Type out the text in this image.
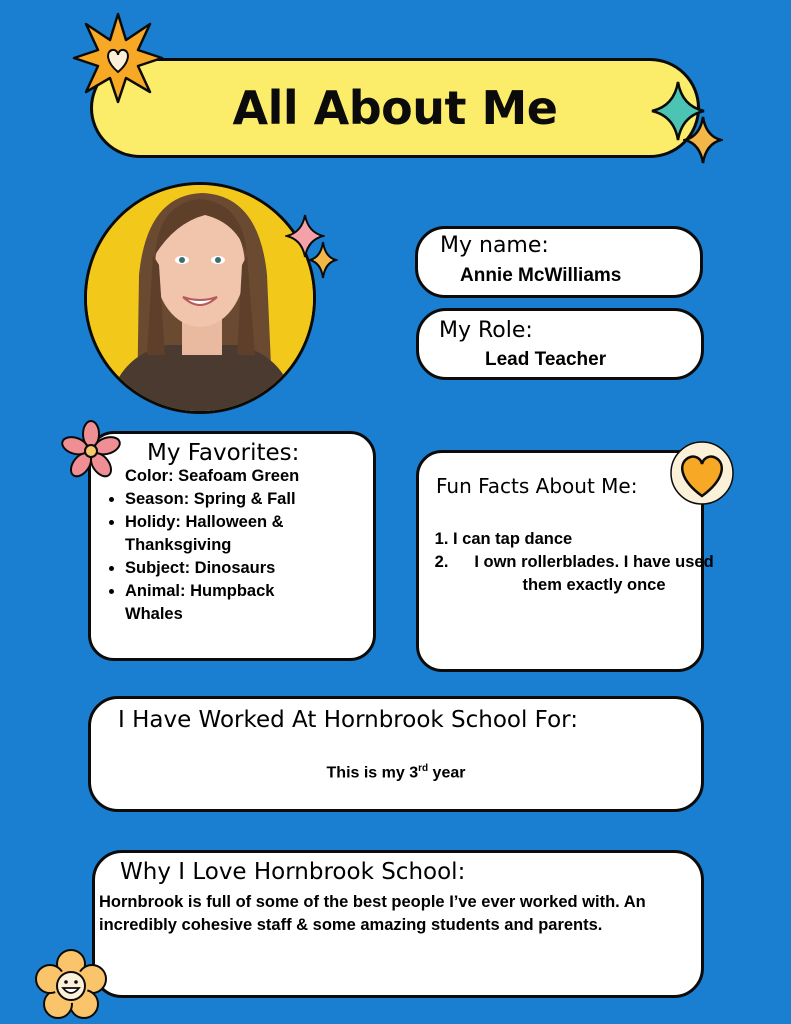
All About Me
My name:
Annie McWilliams
My Role:
Lead Teacher
My Favorites:
Color: Seafoam Green
• Season: Spring & Fall
• Holidy: Halloween & Thanksgiving
• Subject: Dinosaurs
• Animal: Humpback Whales
Fun Facts About Me:
1. I can tap dance
2. I own rollerblades. I have used them exactly once
I Have Worked At Hornbrook School For:
This is my 3rd year
Why I Love Hornbrook School:
Hornbrook is full of some of the best people I’ve ever worked with. An incredibly cohesive staff & some amazing students and parents.
